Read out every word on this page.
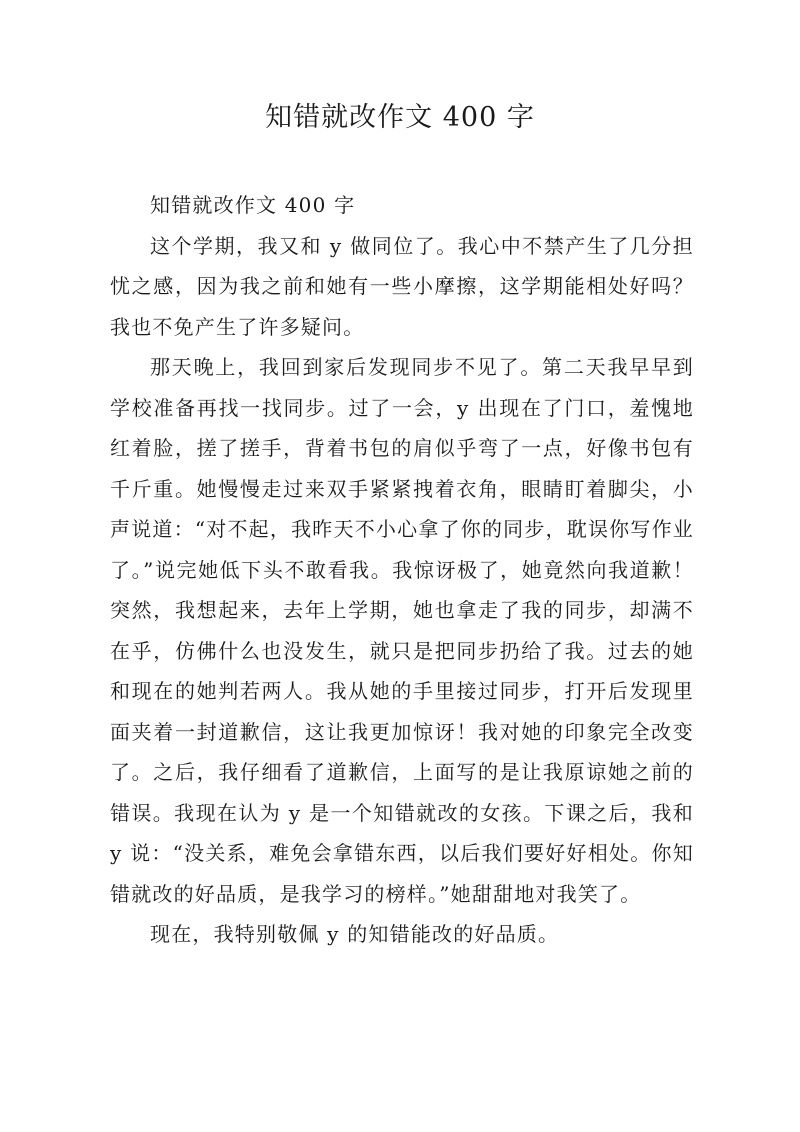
知错就改作文 400 字

知错就改作文 400 字

这个学期，我又和 y 做同位了。我心中不禁产生了几分担忧之感，因为我之前和她有一些小摩擦，这学期能相处好吗？我也不免产生了许多疑问。

那天晚上，我回到家后发现同步不见了。第二天我早早到学校准备再找一找同步。过了一会，y 出现在了门口，羞愧地红着脸，搓了搓手，背着书包的肩似乎弯了一点，好像书包有千斤重。她慢慢走过来双手紧紧拽着衣角，眼睛盯着脚尖，小声说道：“对不起，我昨天不小心拿了你的同步，耽误你写作业了。”说完她低下头不敢看我。我惊讶极了，她竟然向我道歉！突然，我想起来，去年上学期，她也拿走了我的同步，却满不在乎，仿佛什么也没发生，就只是把同步扔给了我。过去的她和现在的她判若两人。我从她的手里接过同步，打开后发现里面夹着一封道歉信，这让我更加惊讶！我对她的印象完全改变了。之后，我仔细看了道歉信，上面写的是让我原谅她之前的错误。我现在认为 y 是一个知错就改的女孩。下课之后，我和 y 说：“没关系，难免会拿错东西，以后我们要好好相处。你知错就改的好品质，是我学习的榜样。”她甜甜地对我笑了。

现在，我特别敬佩 y 的知错能改的好品质。
